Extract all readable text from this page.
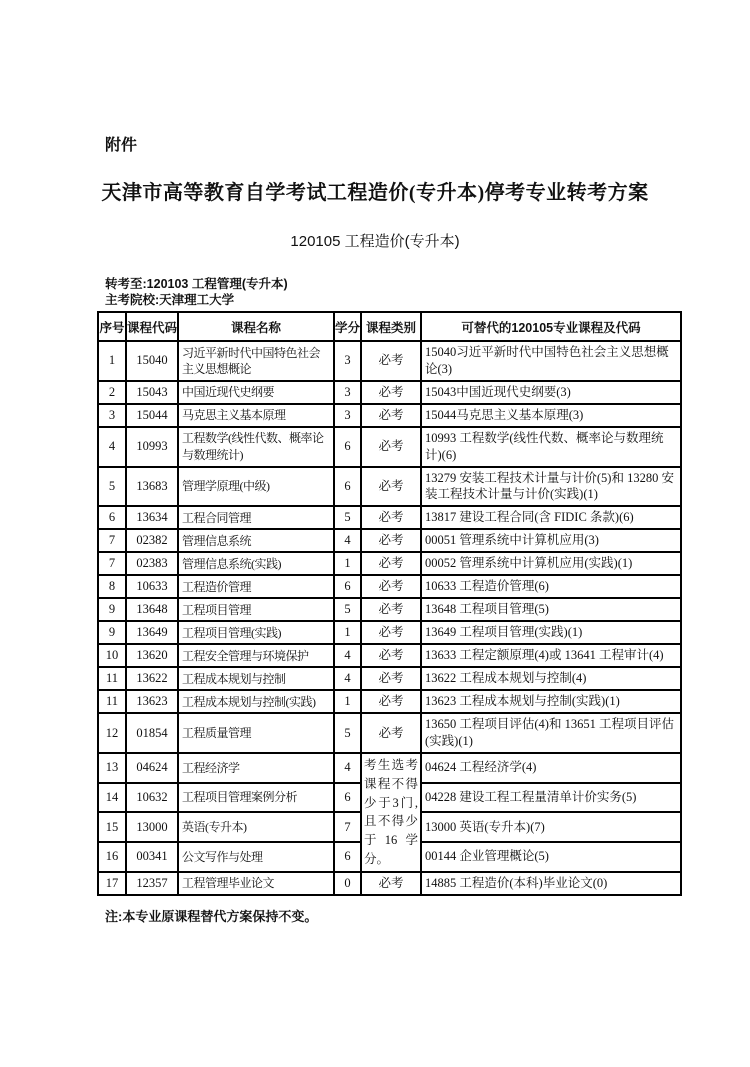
附件
天津市高等教育自学考试工程造价(专升本)停考专业转考方案
120105 工程造价(专升本)
转考至:120103 工程管理(专升本)
主考院校:天津理工大学
序号	课程代码	课程名称	学分	课程类别	可替代的120105专业课程及代码
1	15040	习近平新时代中国特色社会主义思想概论	3	必考	15040习近平新时代中国特色社会主义思想概论(3)
2	15043	中国近现代史纲要	3	必考	15043中国近现代史纲要(3)
3	15044	马克思主义基本原理	3	必考	15044马克思主义基本原理(3)
4	10993	工程数学(线性代数、概率论与数理统计)	6	必考	10993 工程数学(线性代数、概率论与数理统计)(6)
5	13683	管理学原理(中级)	6	必考	13279 安装工程技术计量与计价(5)和 13280 安装工程技术计量与计价(实践)(1)
6	13634	工程合同管理	5	必考	13817 建设工程合同(含 FIDIC 条款)(6)
7	02382	管理信息系统	4	必考	00051 管理系统中计算机应用(3)
7	02383	管理信息系统(实践)	1	必考	00052 管理系统中计算机应用(实践)(1)
8	10633	工程造价管理	6	必考	10633 工程造价管理(6)
9	13648	工程项目管理	5	必考	13648 工程项目管理(5)
9	13649	工程项目管理(实践)	1	必考	13649 工程项目管理(实践)(1)
10	13620	工程安全管理与环境保护	4	必考	13633 工程定额原理(4)或 13641 工程审计(4)
11	13622	工程成本规划与控制	4	必考	13622 工程成本规划与控制(4)
11	13623	工程成本规划与控制(实践)	1	必考	13623 工程成本规划与控制(实践)(1)
12	01854	工程质量管理	5	必考	13650 工程项目评估(4)和 13651 工程项目评估(实践)(1)
13	04624	工程经济学	4	考生选考课程不得少于3门,且不得少于16学分。	04624 工程经济学(4)
14	10632	工程项目管理案例分析	6		04228 建设工程工程量清单计价实务(5)
15	13000	英语(专升本)	7		13000 英语(专升本)(7)
16	00341	公文写作与处理	6		00144 企业管理概论(5)
17	12357	工程管理毕业论文	0	必考	14885 工程造价(本科)毕业论文(0)
注:本专业原课程替代方案保持不变。
